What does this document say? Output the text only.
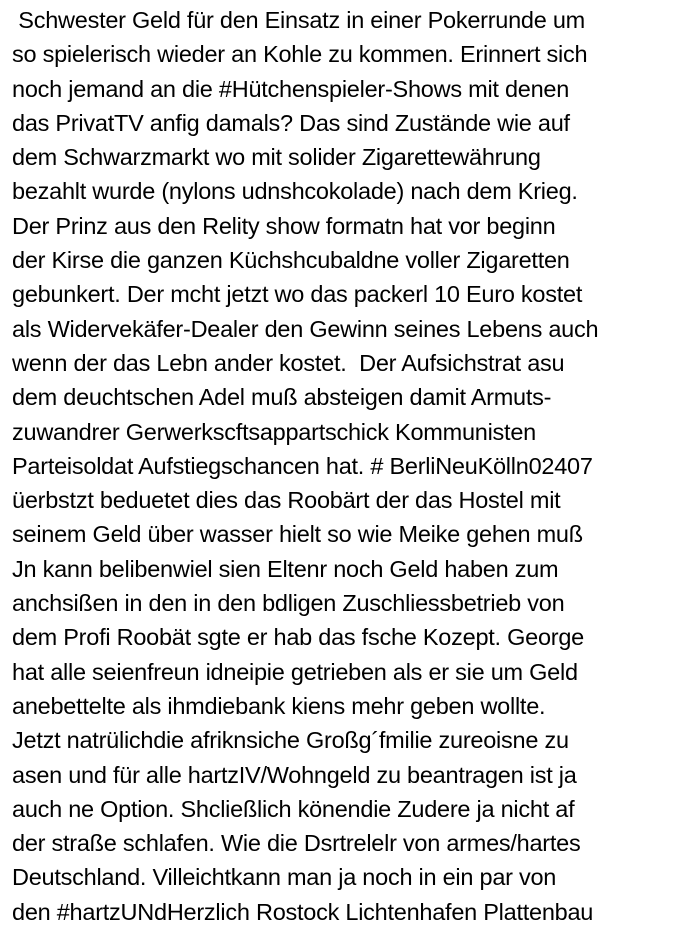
Schwester Geld für den Einsatz in einer Pokerrunde um
so spielerisch wieder an Kohle zu kommen. Erinnert sich
noch jemand an die #Hütchenspieler-Shows mit denen
das PrivatTV anfig damals? Das sind Zustände wie auf
dem Schwarzmarkt wo mit solider Zigarettewährung
bezahlt wurde (nylons udnshcokolade) nach dem Krieg.
Der Prinz aus den Relity show formatn hat vor beginn
der Kirse die ganzen Küchshcubaldne voller Zigaretten
gebunkert. Der mcht jetzt wo das packerl 10 Euro kostet
als Widervekäfer-Dealer den Gewinn seines Lebens auch
wenn der das Lebn ander kostet.  Der Aufsichstrat asu
dem deuchtschen Adel muß absteigen damit Armuts-
zuwandrer Gerwerkscftsappartschick Kommunisten
Parteisoldat Aufstiegschancen hat. # BerliNeuKölln02407
üerbstzt beduetet dies das Roobärt der das Hostel mit
seinem Geld über wasser hielt so wie Meike gehen muß
Jn kann belibenwiel sien Eltenr noch Geld haben zum
anchsißen in den in den bdligen Zuschliessbetrieb von
dem Profi Roobät sgte er hab das fsche Kozept. George
hat alle seienfreun idneipie getrieben als er sie um Geld
anebettelte als ihmdiebank kiens mehr geben wollte.
Jetzt natrülichdie afriknsiche Großg´fmilie zureoisne zu
asen und für alle hartzIV/Wohngeld zu beantragen ist ja
auch ne Option. Shcließlich könendie Zudere ja nicht af
der straße schlafen. Wie die Dsrtrelelr von armes/hartes
Deutschland. Villeichtkann man ja noch in ein par von
den #hartzUNdHerzlich Rostock Lichtenhafen Plattenbau
